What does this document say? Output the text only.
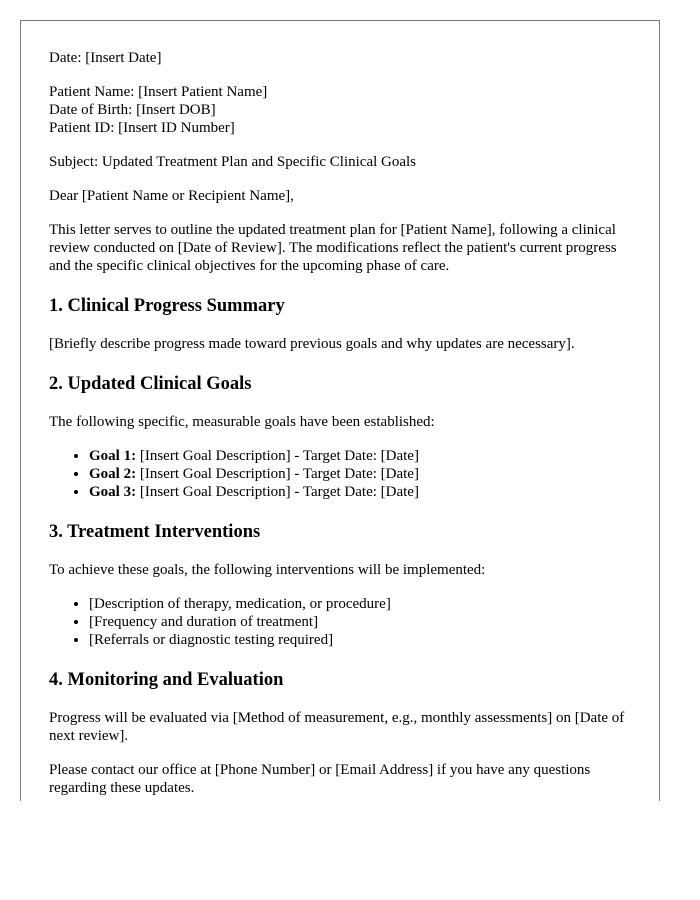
Date: [Insert Date]

Patient Name: [Insert Patient Name]

Date of Birth: [Insert DOB]

Patient ID: [Insert ID Number]

Subject: Updated Treatment Plan and Specific Clinical Goals

Dear [Patient Name or Recipient Name],

This letter serves to outline the updated treatment plan for [Patient Name], following a clinical review conducted on [Date of Review]. The modifications reflect the patient's current progress and the specific clinical objectives for the upcoming phase of care.

1. Clinical Progress Summary

[Briefly describe progress made toward previous goals and why updates are necessary].

2. Updated Clinical Goals

The following specific, measurable goals have been established:

• Goal 1: [Insert Goal Description] - Target Date: [Date]
• Goal 2: [Insert Goal Description] - Target Date: [Date]
• Goal 3: [Insert Goal Description] - Target Date: [Date]
3. Treatment Interventions

To achieve these goals, the following interventions will be implemented:

• [Description of therapy, medication, or procedure]
• [Frequency and duration of treatment]
• [Referrals or diagnostic testing required]
4. Monitoring and Evaluation

Progress will be evaluated via [Method of measurement, e.g., monthly assessments] on [Date of next review].

Please contact our office at [Phone Number] or [Email Address] if you have any questions regarding these updates.
